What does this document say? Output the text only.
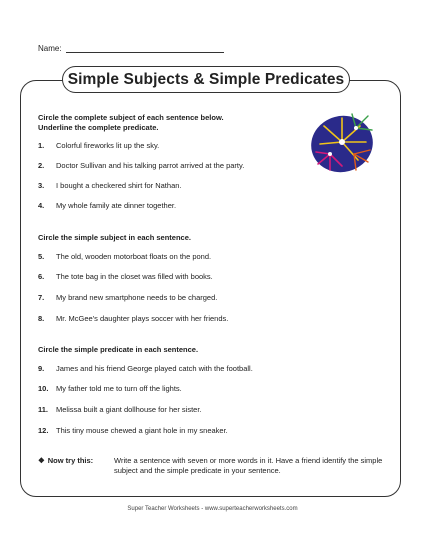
Name:
Simple Subjects & Simple Predicates
Circle the complete subject of each sentence below.
Underline the complete predicate.
1.	Colorful fireworks lit up the sky.
2.	Doctor Sullivan and his talking parrot arrived at the party.
3.	I bought a checkered shirt for Nathan.
4.	My whole family ate dinner together.
Circle the simple subject in each sentence.
5.	The old, wooden motorboat floats on the pond.
6.	The tote bag in the closet was filled with books.
7.	My brand new smartphone needs to be charged.
8.	Mr. McGee's daughter plays soccer with her friends.
Circle the simple predicate in each sentence.
9.	James and his friend George played catch with the football.
10.	My father told me to turn off the lights.
11.	Melissa built a giant dollhouse for her sister.
12.	This tiny mouse chewed a giant hole in my sneaker.
❖ Now try this:	Write a sentence with seven or more words in it. Have a friend identify the simple subject and the simple predicate in your sentence.
Super Teacher Worksheets - www.superteacherworksheets.com
